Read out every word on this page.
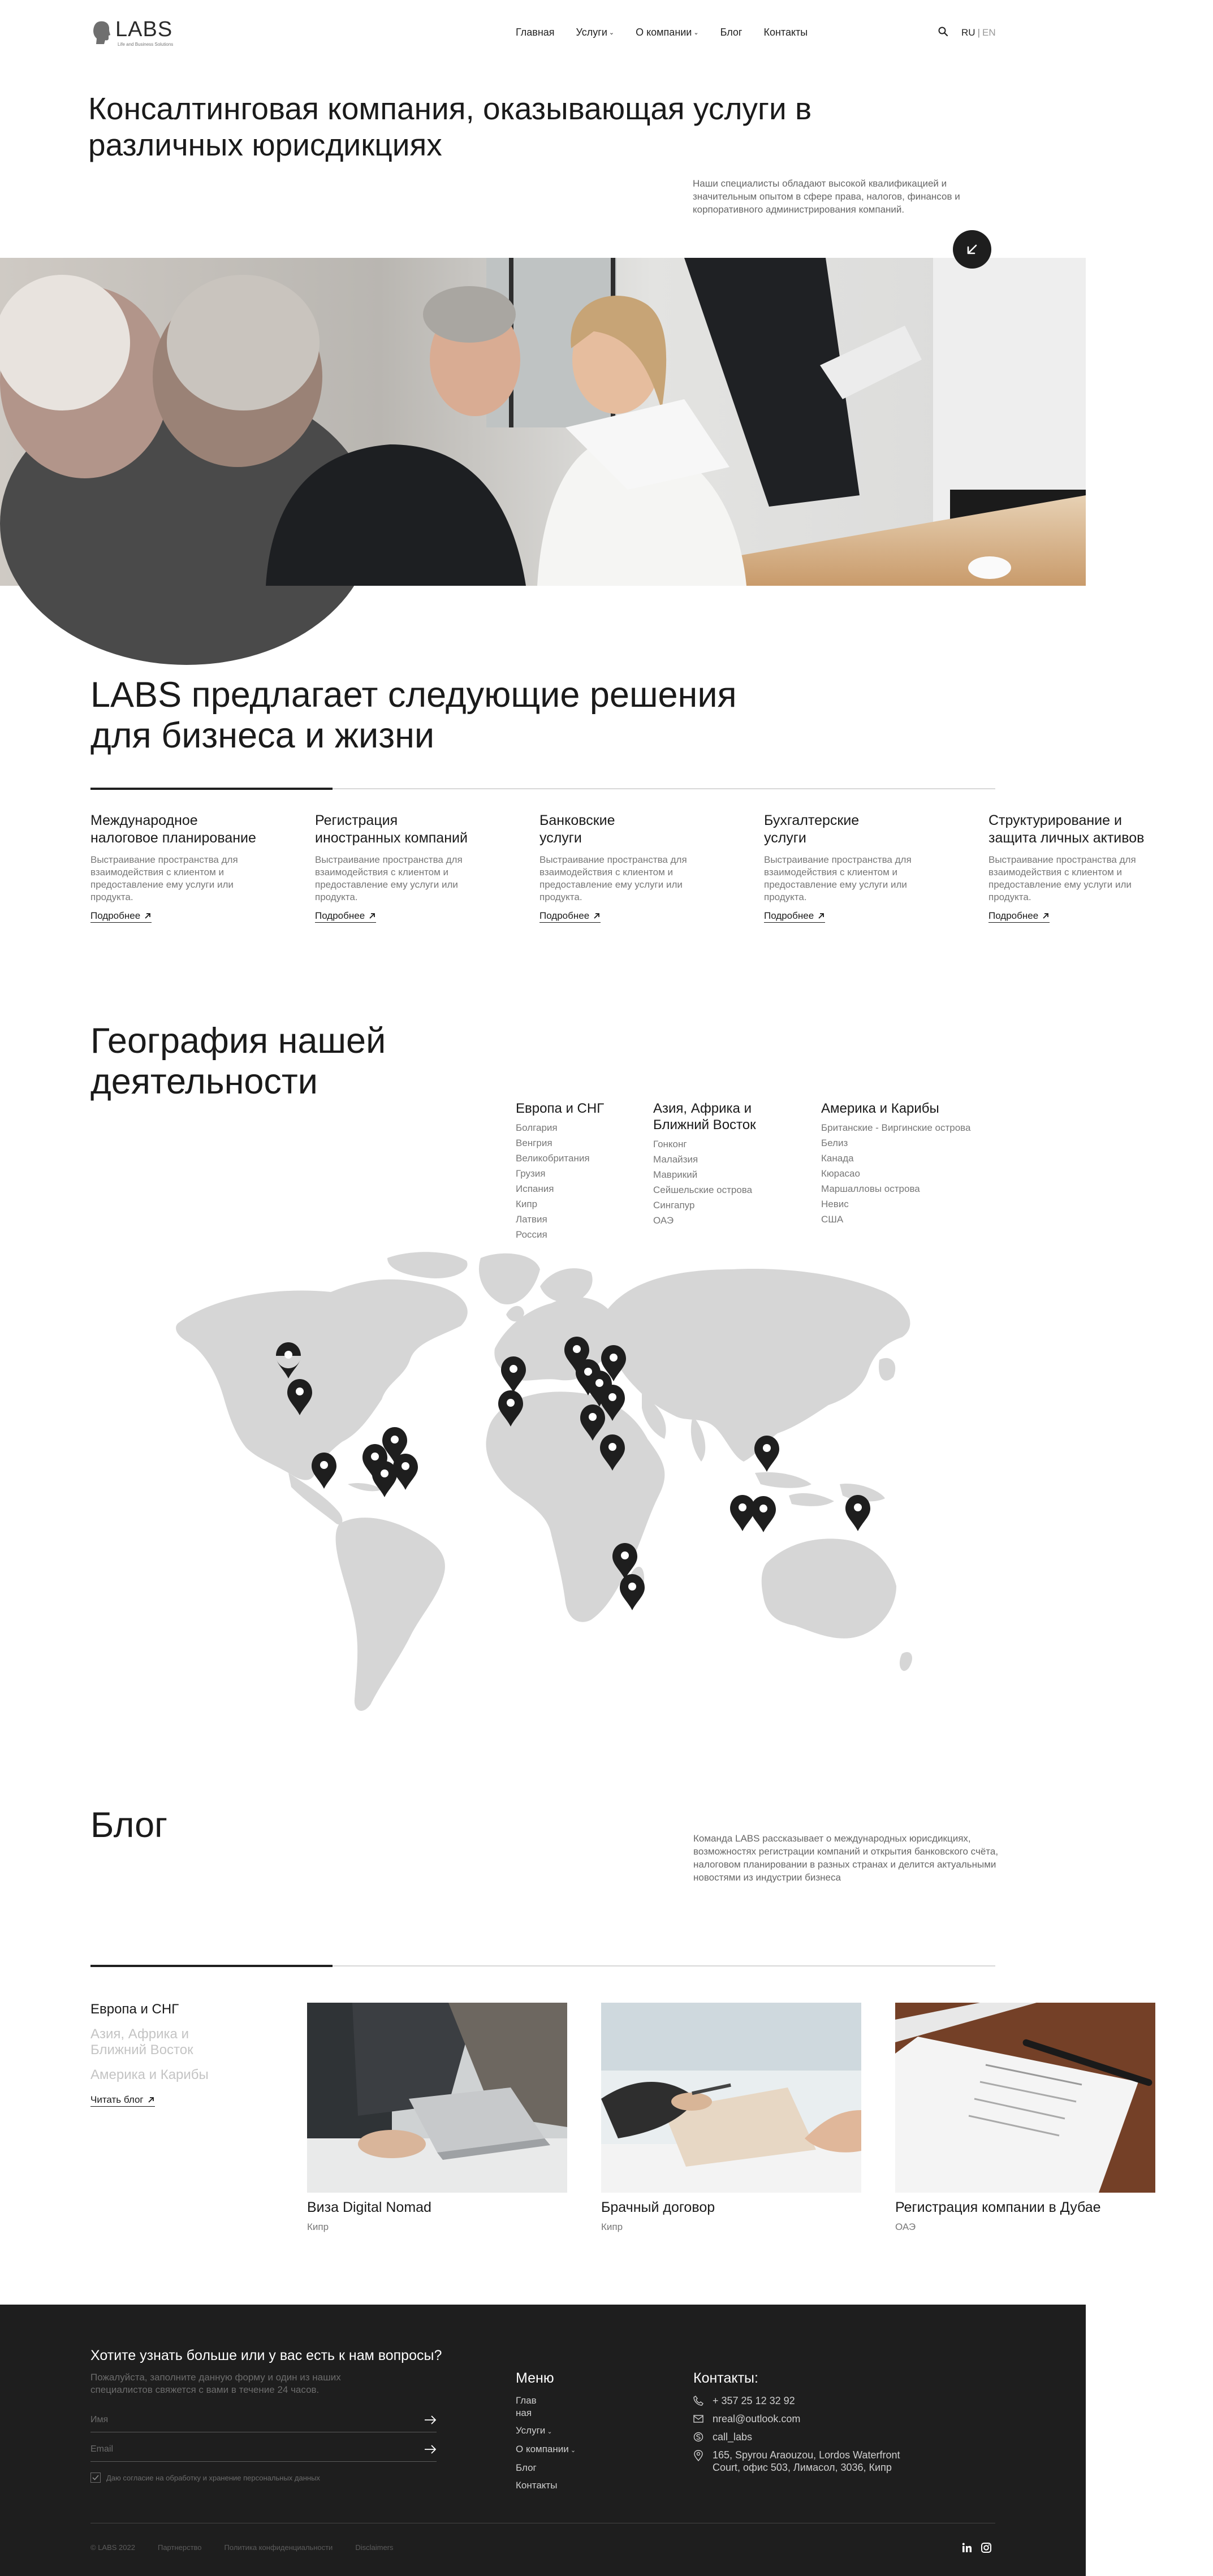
LABS
Life and Business Solutions
Главная Услуги ⌄ О компании ⌄ Блог Контакты	RU | EN
Консалтинговая компания, оказывающая услуги в различных юрисдикциях

Наши специалисты обладают высокой квалификацией и значительным опытом в сфере права, налогов, финансов и корпоративного администрирования компаний.

LABS предлагает следующие решения для бизнеса и жизни
Международное
налоговое планирование

Выстраивание пространства для взаимодействия с клиентом и предоставление ему услуги или продукта.

Подробнее
Регистрация
иностранных компаний

Выстраивание пространства для взаимодействия с клиентом и предоставление ему услуги или продукта.

Подробнее
Банковские
услуги

Выстраивание пространства для взаимодействия с клиентом и предоставление ему услуги или продукта.

Подробнее
Бухгалтерские
услуги

Выстраивание пространства для взаимодействия с клиентом и предоставление ему услуги или продукта.

Подробнее
Структурирование и
защита личных активов

Выстраивание пространства для взаимодействия с клиентом и предоставление ему услуги или продукта.

Подробнее
География нашей
деятельности
Европа и СНГ
Болгария
Венгрия
Великобритания
Грузия
Испания
Кипр
Латвия
Россия
Азия, Африка и
Ближний Восток
Гонконг
Малайзия
Маврикий
Сейшельские острова
Сингапур
ОАЭ
Америка и Карибы
Британские - Виргинские острова
Белиз
Канада
Кюрасао
Маршалловы острова
Невис
США
Блог	Команда LABS рассказывает о международных юрисдикциях, возможностях регистрации компаний и открытия банковского счёта, налоговом планировании в разных странах и делится актуальными новостями из индустрии бизнеса

Европа и СНГ
Азия, Африка и
Ближний Восток
Америка и Карибы
Читать блог
Виза Digital Nomad
Кипр
Брачный договор
Кипр
Регистрация компании в Дубае
ОАЭ
Хотите узнать больше или у вас есть к нам вопросы?
Пожалуйста, заполните данную форму и один из наших специалистов свяжется с вами в течение 24 часов.
Имя
Email
Даю согласие на обработку и хранение персональных данных
Меню
Глав
ная
Услуги ⌄
О компании ⌄
Блог
Контакты
Контакты:
+ 357 25 12 32 92
nreal@outlook.com
call_labs
165, Spyrou Araouzou, Lordos Waterfront Court, офис 503, Лимасол, 3036, Кипр
© LABS 2022	Партнерство	Политика конфиденциальности	Disclaimers
